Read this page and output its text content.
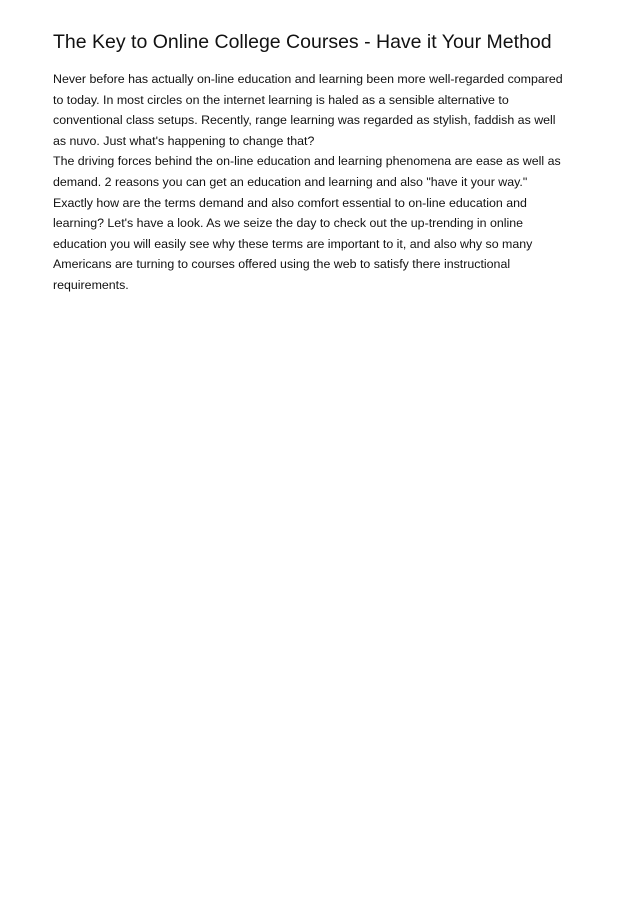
The Key to Online College Courses - Have it Your Method
Never before has actually on-line education and learning been more well-regarded compared
to today. In most circles on the internet learning is haled as a sensible alternative to
conventional class setups. Recently, range learning was regarded as stylish, faddish as well
as nuvo. Just what's happening to change that?
The driving forces behind the on-line education and learning phenomena are ease as well as
demand. 2 reasons you can get an education and learning and also "have it your way."
Exactly how are the terms demand and also comfort essential to on-line education and
learning? Let's have a look. As we seize the day to check out the up-trending in online
education you will easily see why these terms are important to it, and also why so many
Americans are turning to courses offered using the web to satisfy there instructional
requirements.
